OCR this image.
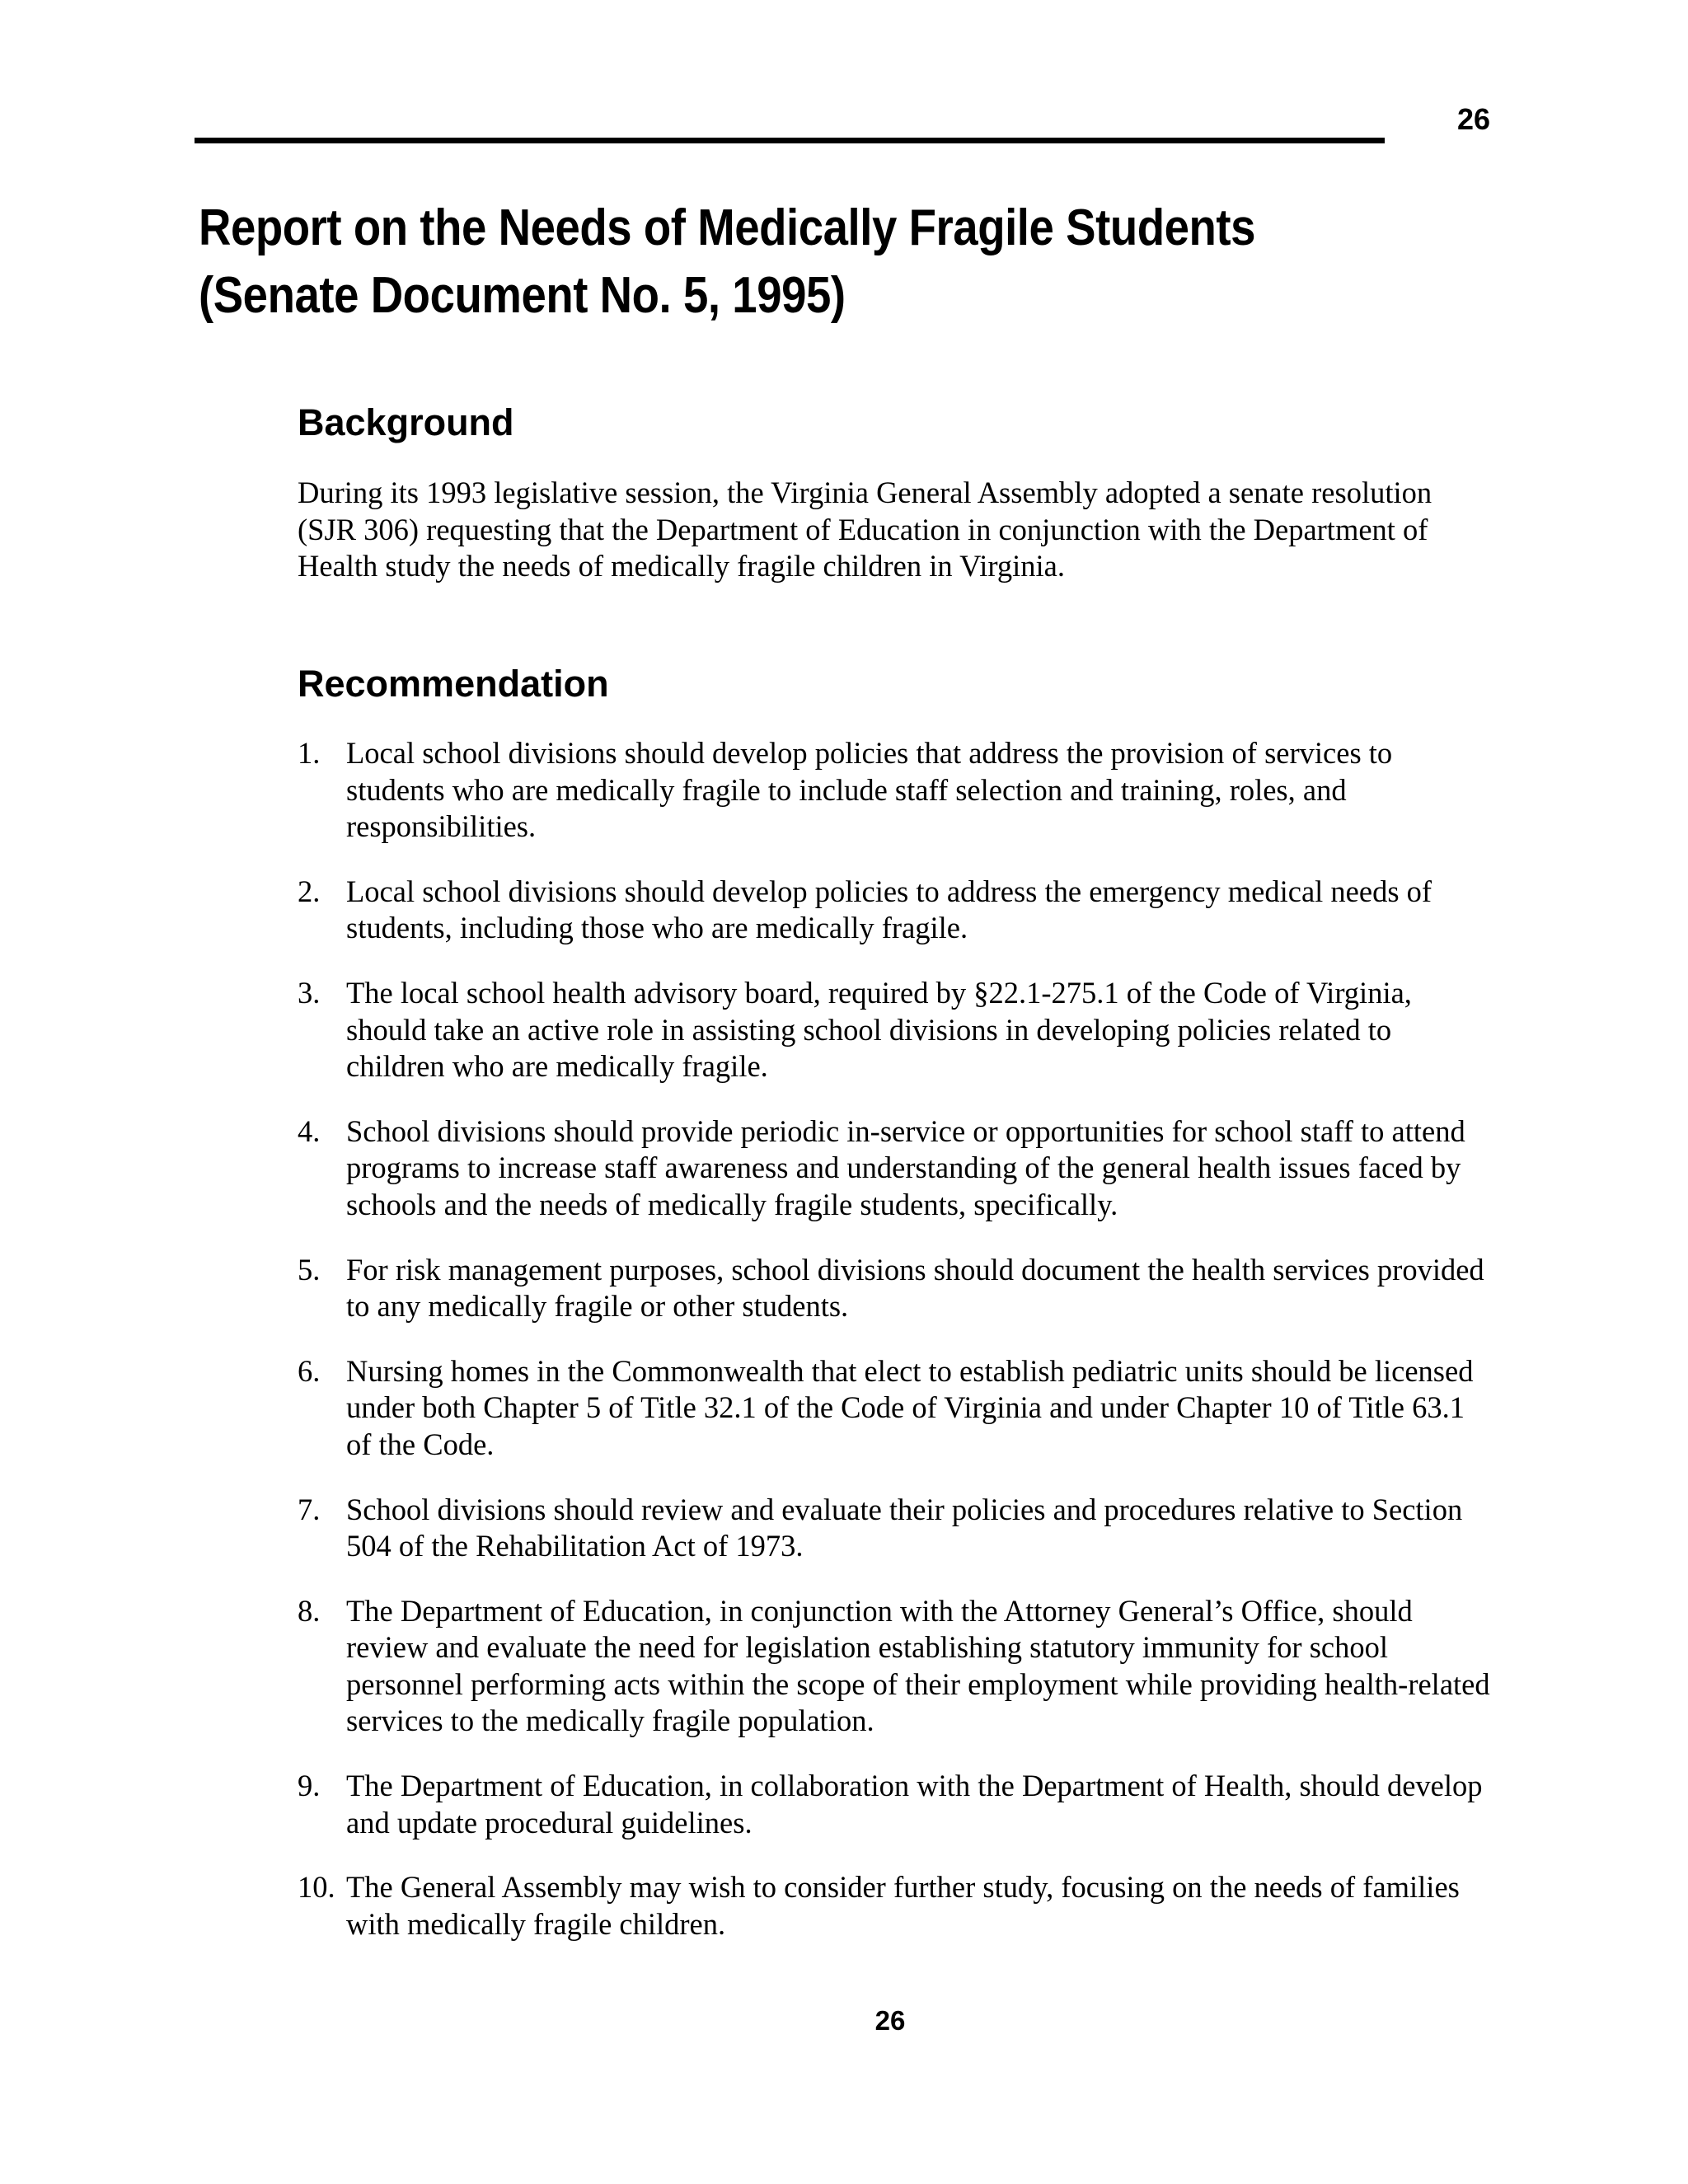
26
Report on the Needs of Medically Fragile Students (Senate Document No. 5, 1995)
Background

During its 1993 legislative session, the Virginia General Assembly adopted a senate resolution (SJR 306) requesting that the Department of Education in conjunction with the Department of Health study the needs of medically fragile children in Virginia.

Recommendation
1. Local school divisions should develop policies that address the provision of services to students who are medically fragile to include staff selection and training, roles, and responsibilities.
2. Local school divisions should develop policies to address the emergency medical needs of students, including those who are medically fragile.
3. The local school health advisory board, required by §22.1-275.1 of the Code of Virginia, should take an active role in assisting school divisions in developing policies related to children who are medically fragile.
4. School divisions should provide periodic in-service or opportunities for school staff to attend programs to increase staff awareness and understanding of the general health issues faced by schools and the needs of medically fragile students, specifically.
5. For risk management purposes, school divisions should document the health services provided to any medically fragile or other students.
6. Nursing homes in the Commonwealth that elect to establish pediatric units should be licensed under both Chapter 5 of Title 32.1 of the Code of Virginia and under Chapter 10 of Title 63.1 of the Code.
7. School divisions should review and evaluate their policies and procedures relative to Section 504 of the Rehabilitation Act of 1973.
8. The Department of Education, in conjunction with the Attorney General’s Office, should review and evaluate the need for legislation establishing statutory immunity for school personnel performing acts within the scope of their employment while providing health-related services to the medically fragile population.
9. The Department of Education, in collaboration with the Department of Health, should develop and update procedural guidelines.
10. The General Assembly may wish to consider further study, focusing on the needs of families with medically fragile children.
26
